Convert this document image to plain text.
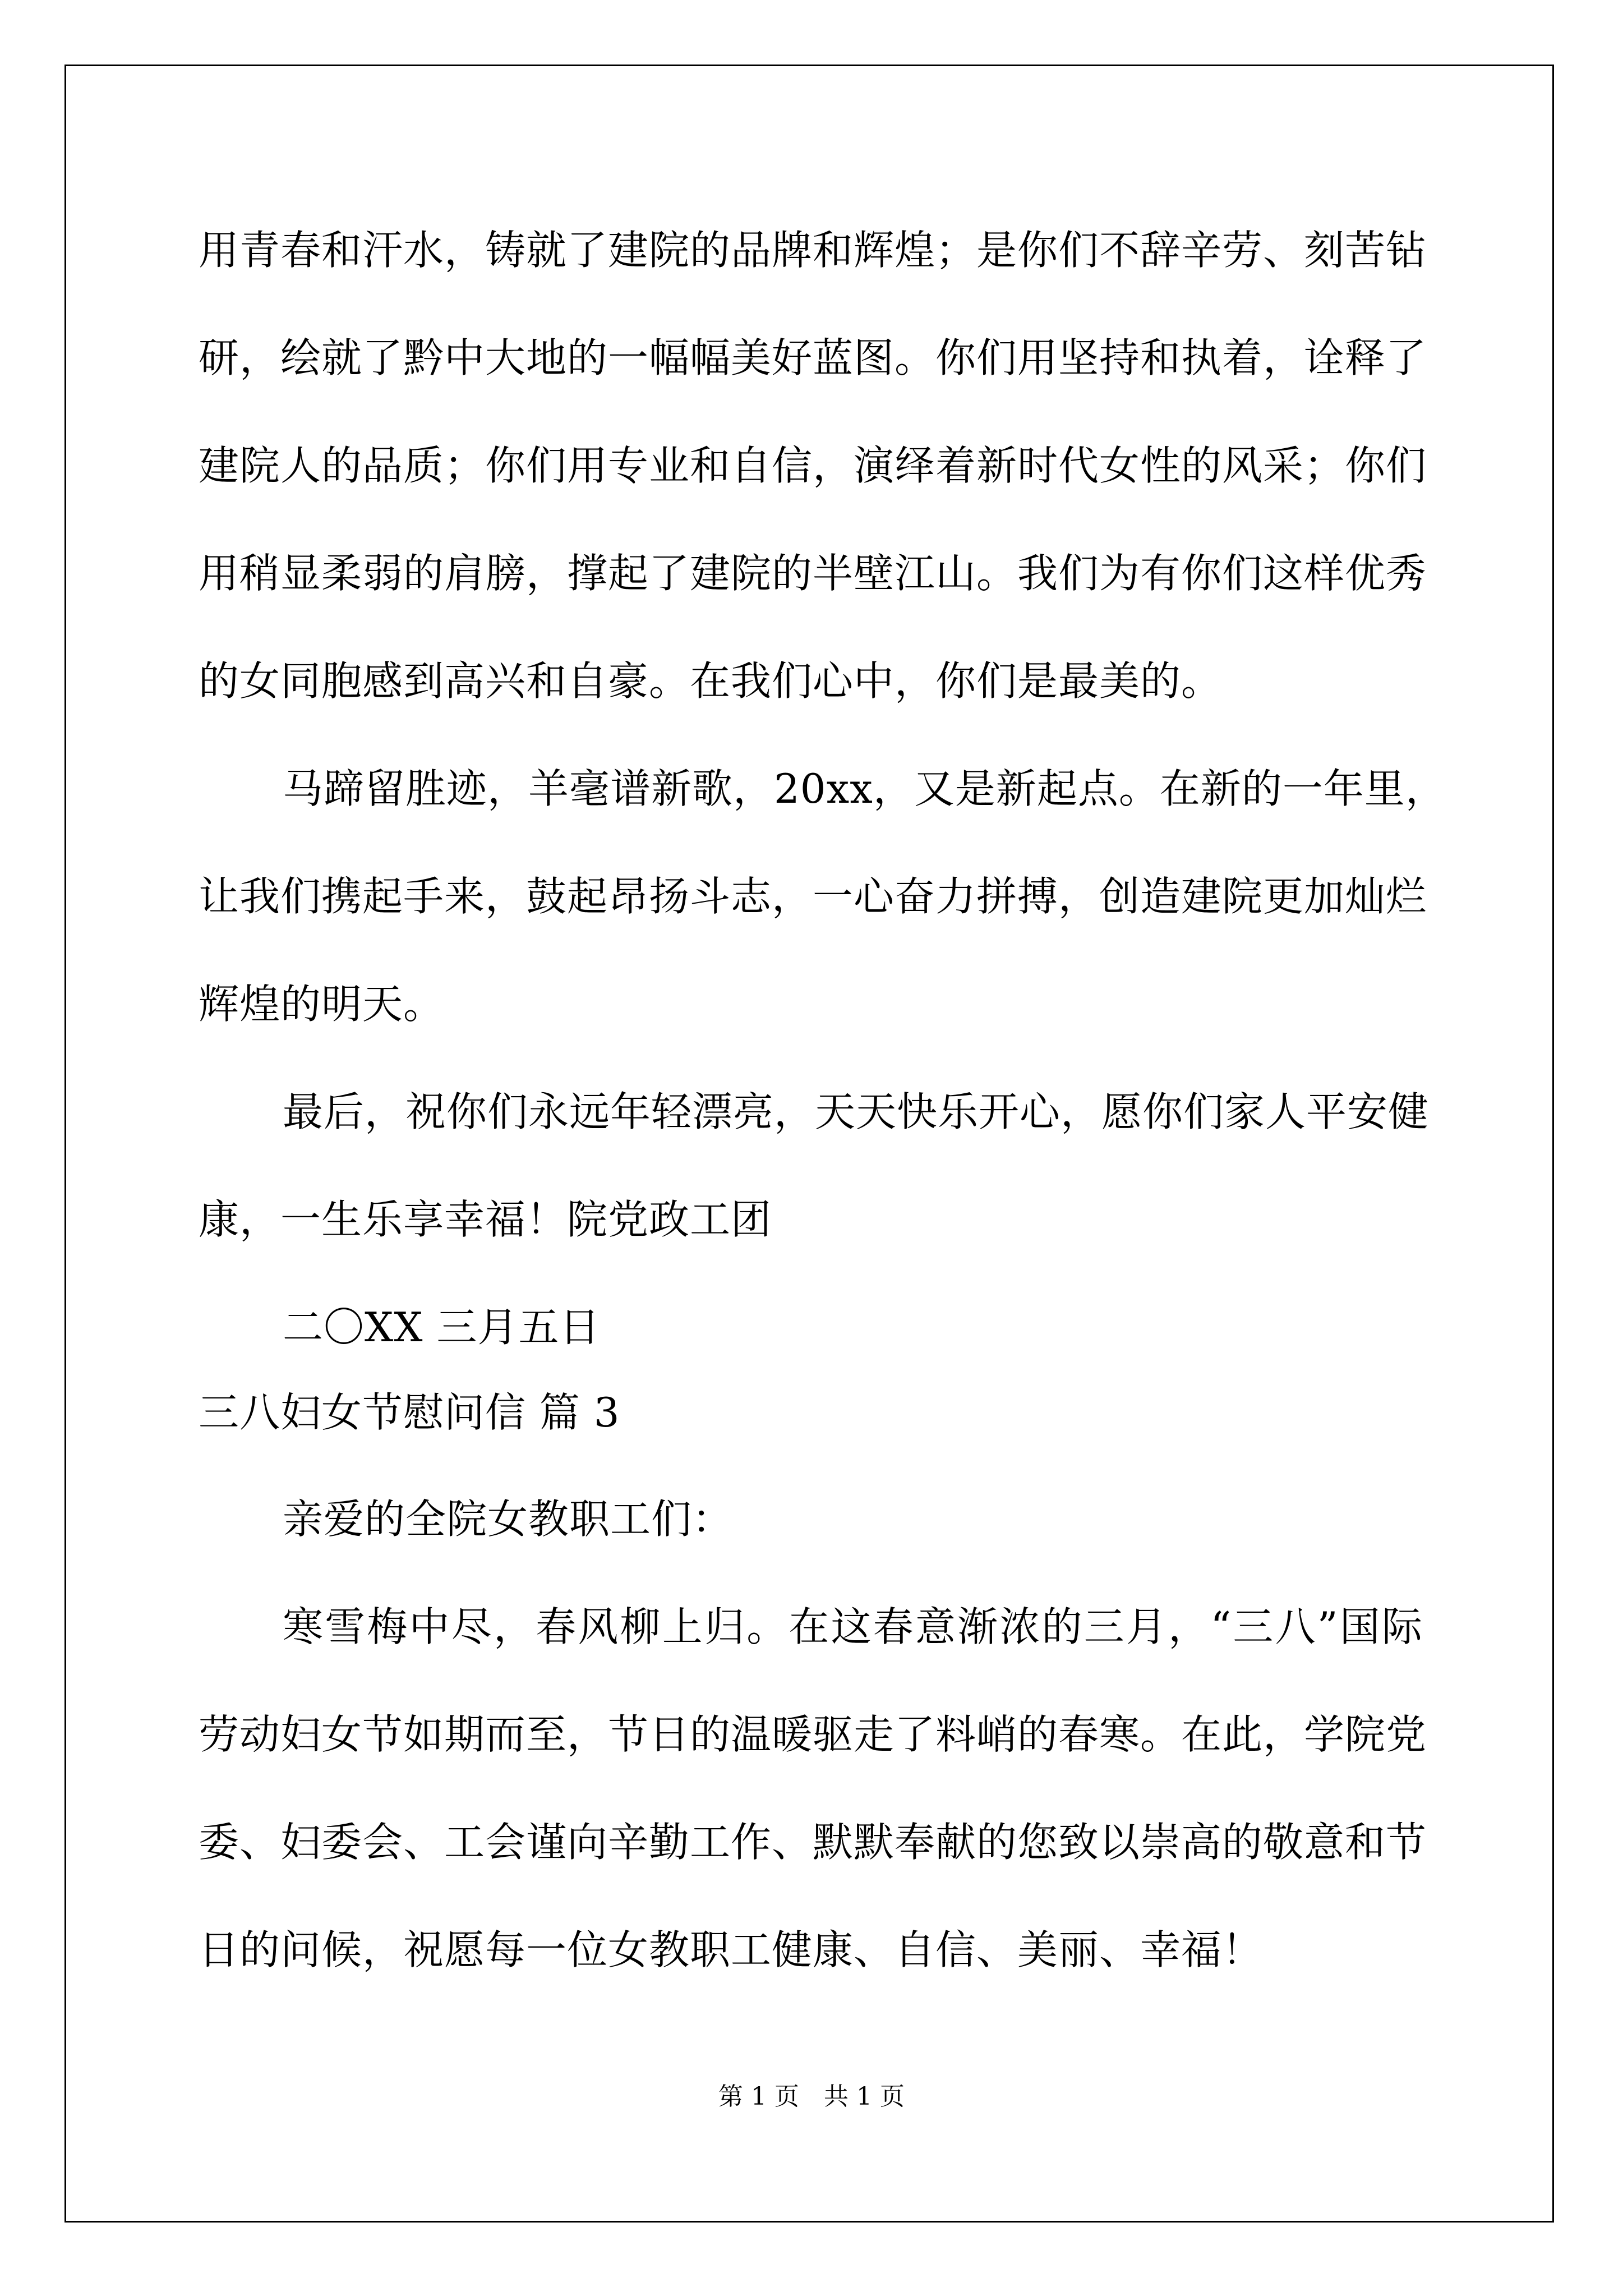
用青春和汗水，铸就了建院的品牌和辉煌；是你们不辞辛劳、刻苦钻
研，绘就了黔中大地的一幅幅美好蓝图。你们用坚持和执着，诠释了
建院人的品质；你们用专业和自信，演绎着新时代女性的风采；你们
用稍显柔弱的肩膀，撑起了建院的半壁江山。我们为有你们这样优秀
的女同胞感到高兴和自豪。在我们心中，你们是最美的。
马蹄留胜迹，羊毫谱新歌，20xx，又是新起点。在新的一年里，
让我们携起手来，鼓起昂扬斗志，一心奋力拼搏，创造建院更加灿烂
辉煌的明天。
最后，祝你们永远年轻漂亮，天天快乐开心，愿你们家人平安健
康，一生乐享幸福！院党政工团
二〇XX 三月五日
三八妇女节慰问信 篇 3
亲爱的全院女教职工们：
寒雪梅中尽，春风柳上归。在这春意渐浓的三月，“三八”国际
劳动妇女节如期而至，节日的温暖驱走了料峭的春寒。在此，学院党
委、妇委会、工会谨向辛勤工作、默默奉献的您致以崇高的敬意和节
日的问候，祝愿每一位女教职工健康、自信、美丽、幸福！
第 1 页　共 1 页
